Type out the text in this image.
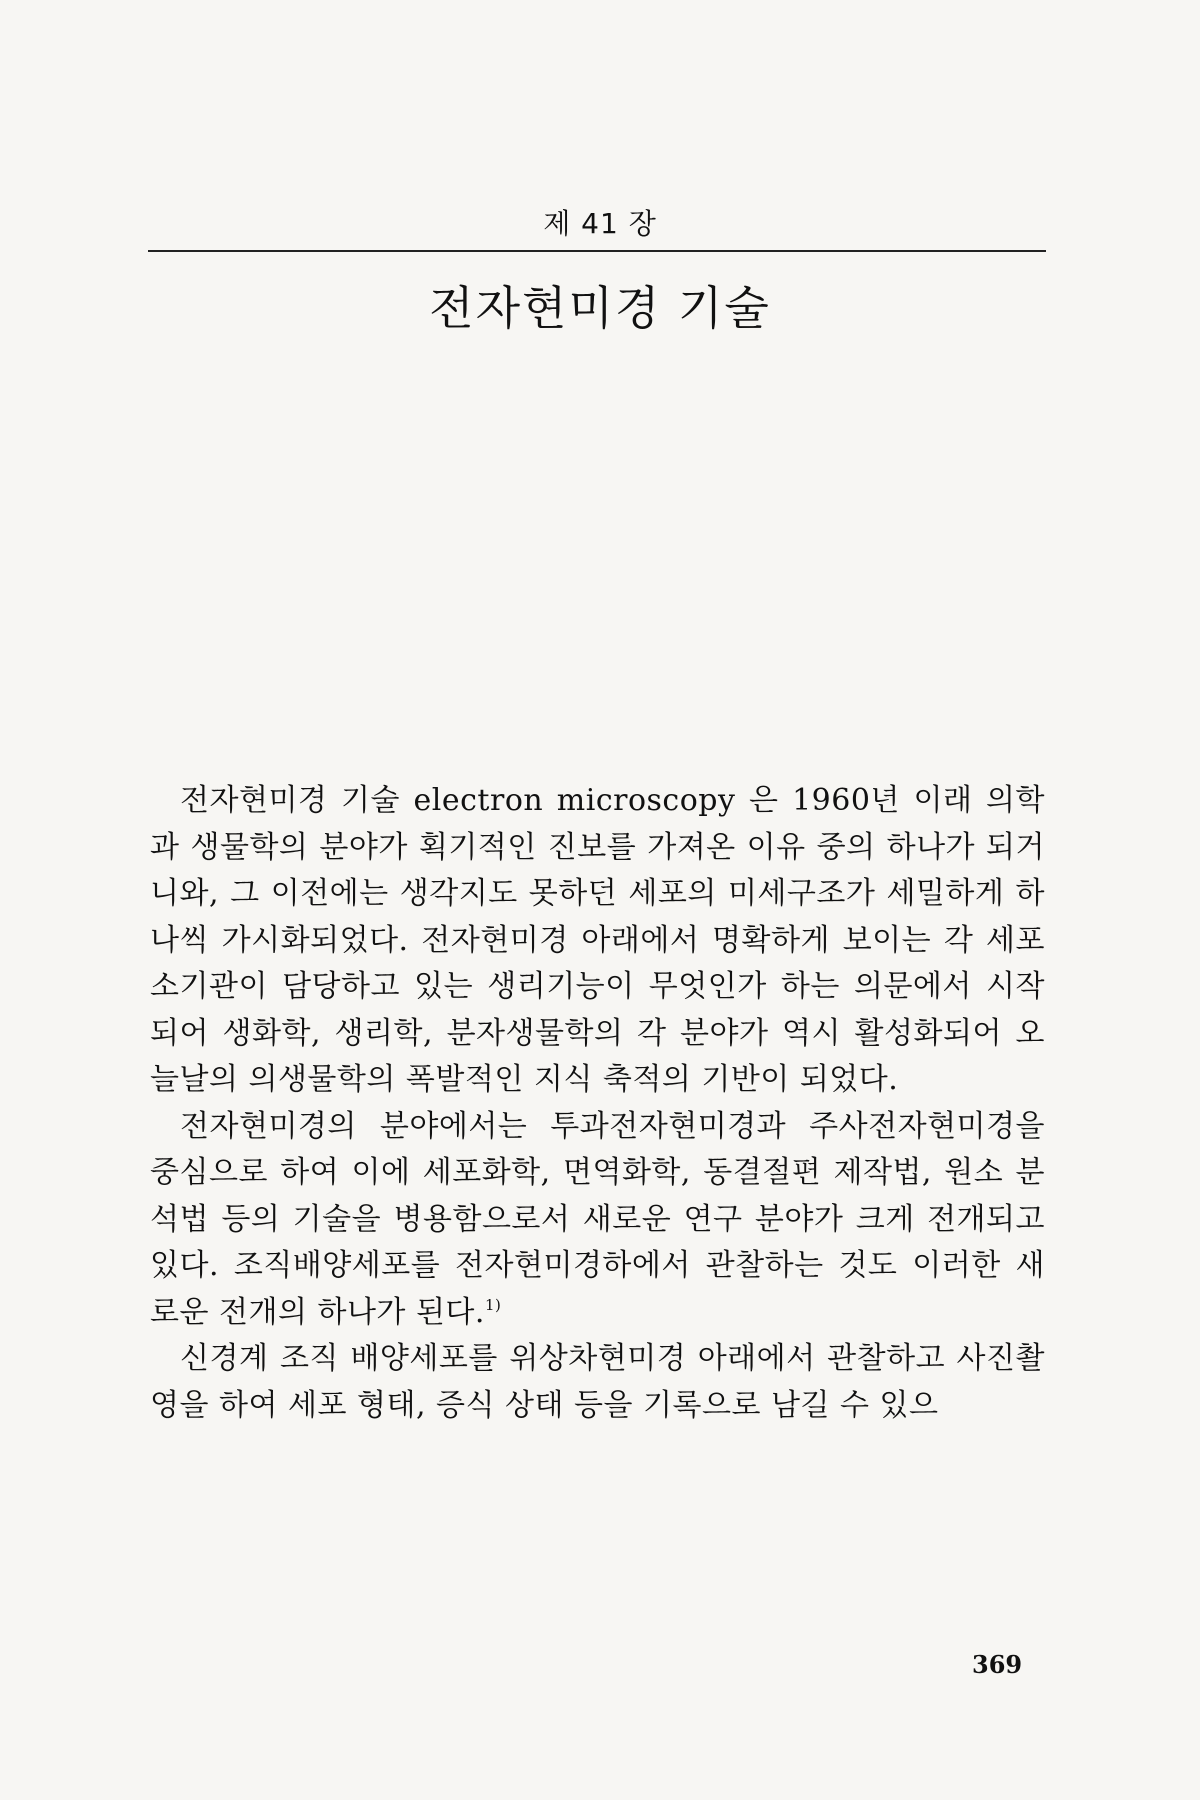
제 41 장
전자현미경 기술

전자현미경 기술 electron microscopy 은 1960년 이래 의학과 생물학의 분야가 획기적인 진보를 가져온 이유 중의 하나가 되거니와, 그 이전에는 생각지도 못하던 세포의 미세구조가 세밀하게 하나씩 가시화되었다. 전자현미경 아래에서 명확하게 보이는 각 세포 소기관이 담당하고 있는 생리기능이 무엇인가 하는 의문에서 시작되어 생화학, 생리학, 분자생물학의 각 분야가 역시 활성화되어 오늘날의 의생물학의 폭발적인 지식 축적의 기반이 되었다.

전자현미경의 분야에서는 투과전자현미경과 주사전자현미경을 중심으로 하여 이에 세포화학, 면역화학, 동결절편 제작법, 원소 분석법 등의 기술을 병용함으로서 새로운 연구 분야가 크게 전개되고 있다. 조직배양세포를 전자현미경하에서 관찰하는 것도 이러한 새로운 전개의 하나가 된다.$^{1)}$

신경계 조직 배양세포를 위상차현미경 아래에서 관찰하고 사진촬영을 하여 세포 형태, 증식 상태 등을 기록으로 남길 수 있으

369
